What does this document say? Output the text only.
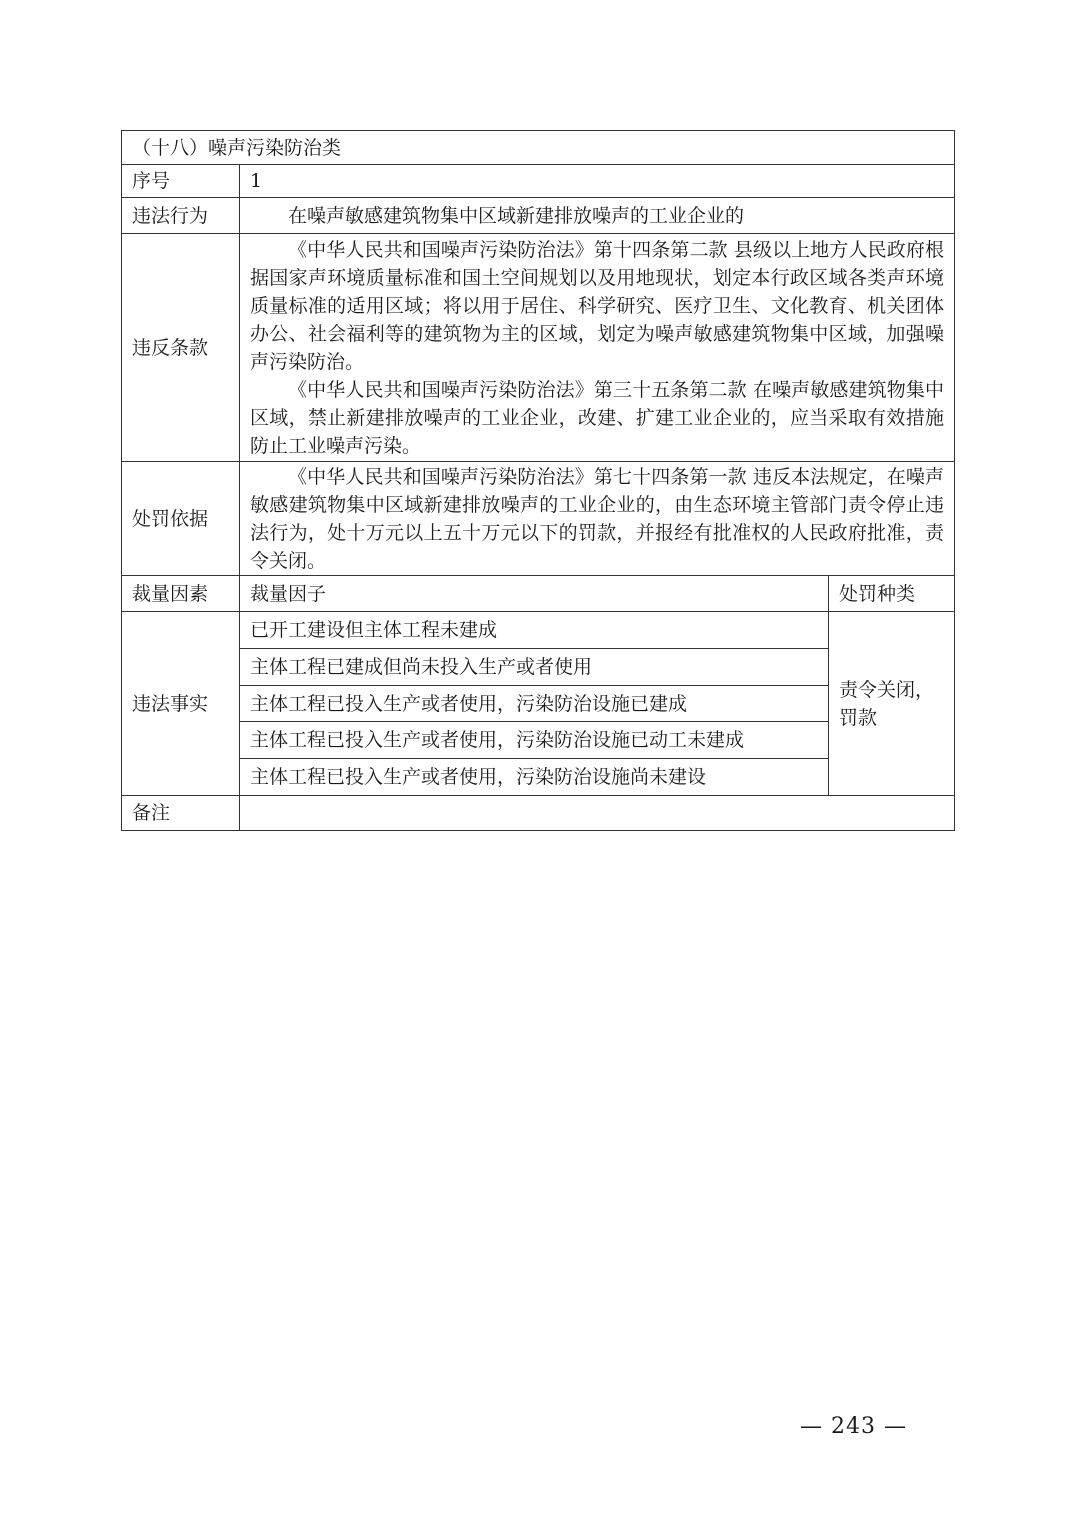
（十八）噪声污染防治类		
序号	1	
违法行为	在噪声敏感建筑物集中区域新建排放噪声的工业企业的	
违反条款	《中华人民共和国噪声污染防治法》第十四条第二款 县级以上地方人民政府根据国家声环境质量标准和国土空间规划以及用地现状，划定本行政区域各类声环境质量标准的适用区域；将以用于居住、科学研究、医疗卫生、文化教育、机关团体办公、社会福利等的建筑物为主的区域，划定为噪声敏感建筑物集中区域，加强噪声污染防治。
《中华人民共和国噪声污染防治法》第三十五条第二款 在噪声敏感建筑物集中区域，禁止新建排放噪声的工业企业，改建、扩建工业企业的，应当采取有效措施防止工业噪声污染。	

处罚依据	《中华人民共和国噪声污染防治法》第七十四条第一款 违反本法规定，在噪声敏感建筑物集中区域新建排放噪声的工业企业的，由生态环境主管部门责令停止违法行为，处十万元以上五十万元以下的罚款，并报经有批准权的人民政府批准，责令关闭。	

裁量因素	裁量因子	处罚种类
违法事实	已开工建设但主体工程未建成	责令关闭，罚款
	主体工程已建成但尚未投入生产或者使用	
	主体工程已投入生产或者使用，污染防治设施已建成	
	主体工程已投入生产或者使用，污染防治设施已动工未建成	
	主体工程已投入生产或者使用，污染防治设施尚未建设	
备注		
— 243 —
